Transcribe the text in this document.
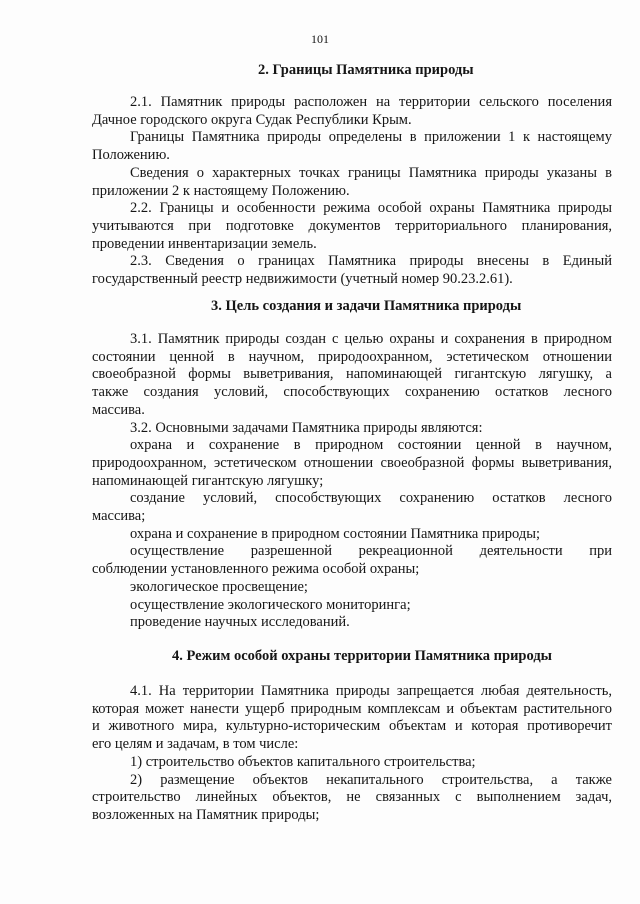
101
2. Границы Памятника природы

2.1. Памятник природы расположен на территории сельского поселения

Дачное городского округа Судак Республики Крым.

Границы Памятника природы определены в приложении 1 к настоящему

Положению.

Сведения о характерных точках границы Памятника природы указаны в

приложении 2 к настоящему Положению.

2.2. Границы и особенности режима особой охраны Памятника природы

учитываются при подготовке документов территориального планирования,

проведении инвентаризации земель.

2.3. Сведения о границах Памятника природы внесены в Единый

государственный реестр недвижимости (учетный номер 90.23.2.61).

3. Цель создания и задачи Памятника природы

3.1. Памятник природы создан с целью охраны и сохранения в природном

состоянии ценной в научном, природоохранном, эстетическом отношении

своеобразной формы выветривания, напоминающей гигантскую лягушку, а

также создания условий, способствующих сохранению остатков лесного

массива.

3.2. Основными задачами Памятника природы являются:

охрана и сохранение в природном состоянии ценной в научном,

природоохранном, эстетическом отношении своеобразной формы выветривания,

напоминающей гигантскую лягушку;

создание условий, способствующих сохранению остатков лесного

массива;

охрана и сохранение в природном состоянии Памятника природы;

осуществление разрешенной рекреационной деятельности при

соблюдении установленного режима особой охраны;

экологическое просвещение;

осуществление экологического мониторинга;

проведение научных исследований.

4. Режим особой охраны территории Памятника природы

4.1. На территории Памятника природы запрещается любая деятельность,

которая может нанести ущерб природным комплексам и объектам растительного

и животного мира, культурно-историческим объектам и которая противоречит

его целям и задачам, в том числе:

1) строительство объектов капитального строительства;

2) размещение объектов некапитального строительства, а также

строительство линейных объектов, не связанных с выполнением задач,

возложенных на Памятник природы;
